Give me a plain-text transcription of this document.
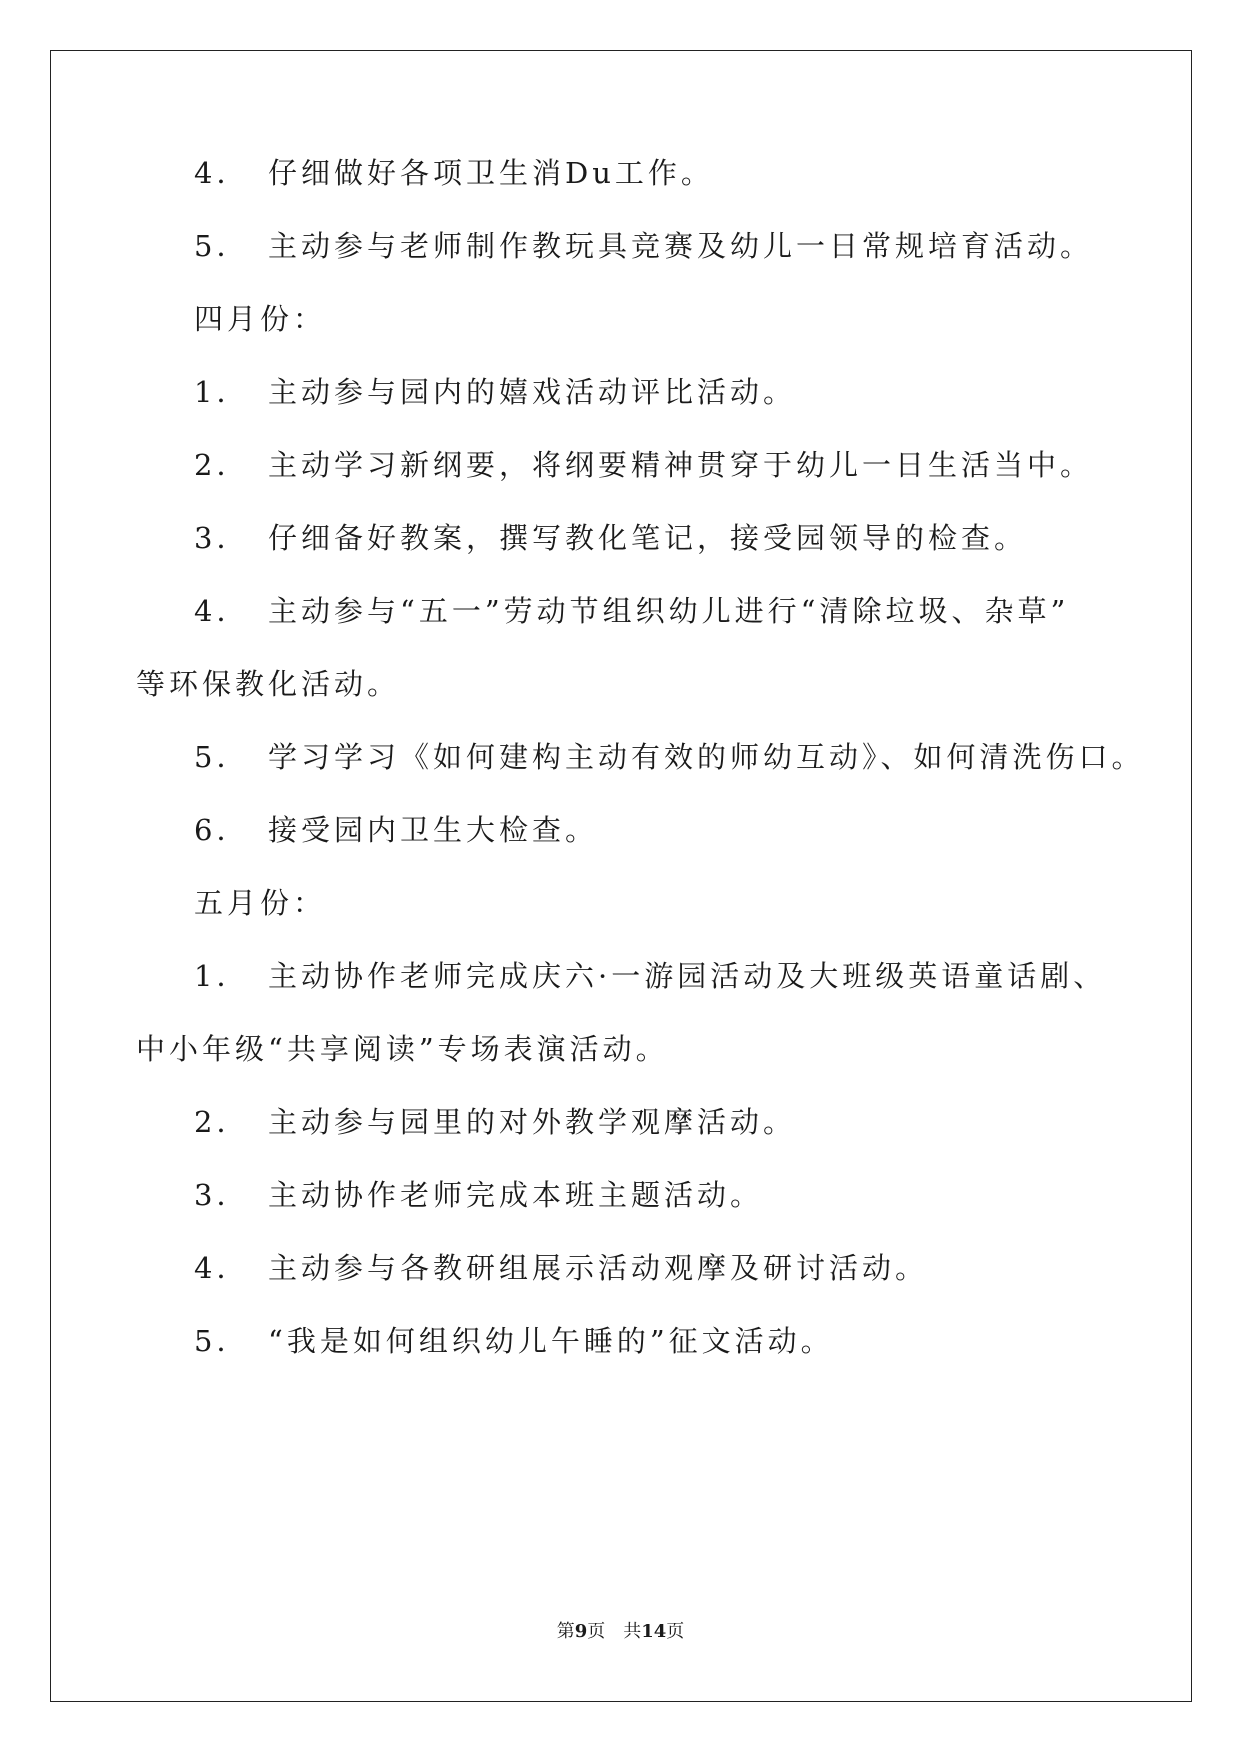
4． 仔细做好各项卫生消Du工作。
5． 主动参与老师制作教玩具竞赛及幼儿一日常规培育活动。
四月份：
1． 主动参与园内的嬉戏活动评比活动。
2． 主动学习新纲要，将纲要精神贯穿于幼儿一日生活当中。
3． 仔细备好教案，撰写教化笔记，接受园领导的检查。
4． 主动参与“五一”劳动节组织幼儿进行“清除垃圾、杂草”
等环保教化活动。
5． 学习学习《如何建构主动有效的师幼互动》、如何清洗伤口。
6． 接受园内卫生大检查。
五月份：
1． 主动协作老师完成庆六·一游园活动及大班级英语童话剧、
中小年级“共享阅读”专场表演活动。
2． 主动参与园里的对外教学观摩活动。
3． 主动协作老师完成本班主题活动。
4． 主动参与各教研组展示活动观摩及研讨活动。
5． “我是如何组织幼儿午睡的”征文活动。
第9页　共14页
